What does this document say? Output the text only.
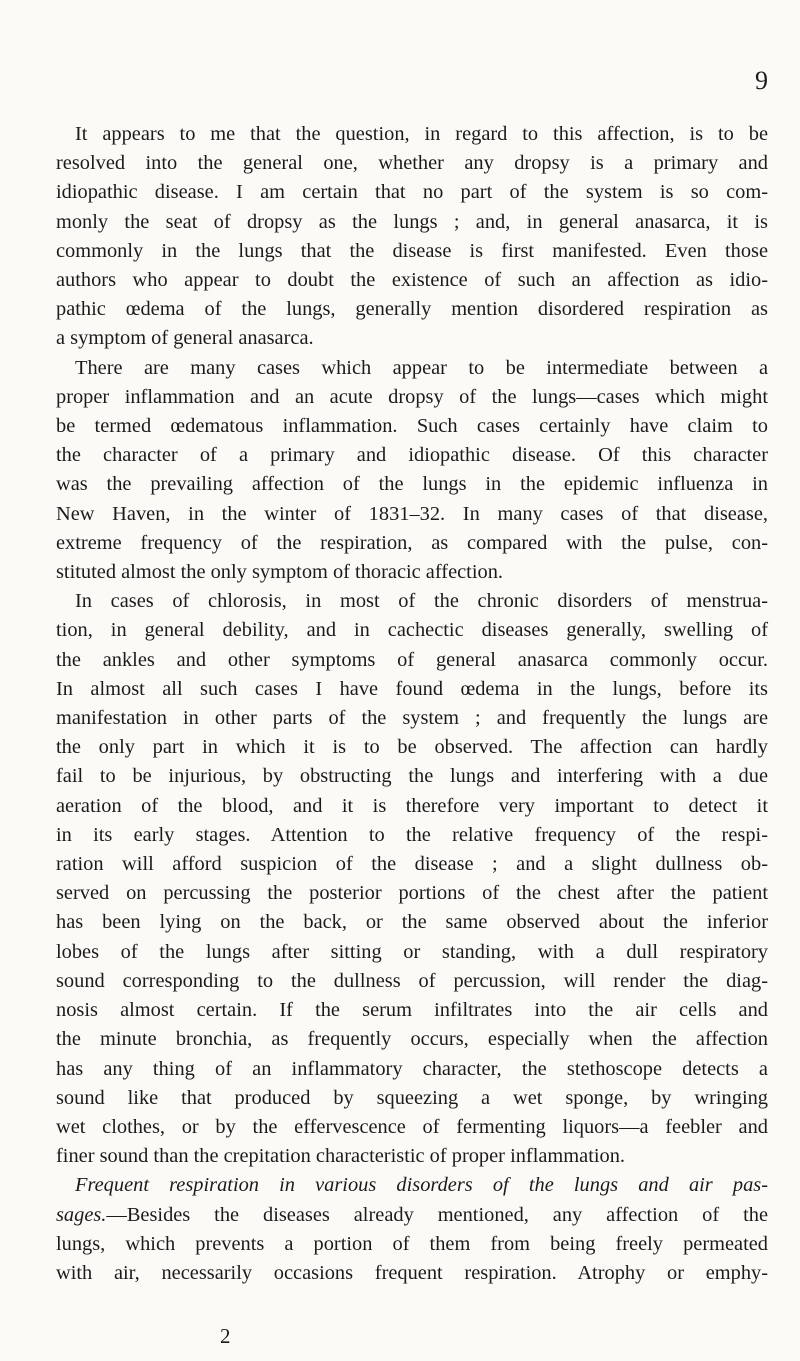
9
It appears to me that the question, in regard to this affection, is to be
resolved into the general one, whether any dropsy is a primary and
idiopathic disease. I am certain that no part of the system is so com-
monly the seat of dropsy as the lungs ; and, in general anasarca, it is
commonly in the lungs that the disease is first manifested. Even those
authors who appear to doubt the existence of such an affection as idio-
pathic œdema of the lungs, generally mention disordered respiration as
a symptom of general anasarca.
There are many cases which appear to be intermediate between a
proper inflammation and an acute dropsy of the lungs—cases which might
be termed œdematous inflammation. Such cases certainly have claim to
the character of a primary and idiopathic disease. Of this character
was the prevailing affection of the lungs in the epidemic influenza in
New Haven, in the winter of 1831–32. In many cases of that disease,
extreme frequency of the respiration, as compared with the pulse, con-
stituted almost the only symptom of thoracic affection.
In cases of chlorosis, in most of the chronic disorders of menstrua-
tion, in general debility, and in cachectic diseases generally, swelling of
the ankles and other symptoms of general anasarca commonly occur.
In almost all such cases I have found œdema in the lungs, before its
manifestation in other parts of the system ; and frequently the lungs are
the only part in which it is to be observed. The affection can hardly
fail to be injurious, by obstructing the lungs and interfering with a due
aeration of the blood, and it is therefore very important to detect it
in its early stages. Attention to the relative frequency of the respi-
ration will afford suspicion of the disease ; and a slight dullness ob-
served on percussing the posterior portions of the chest after the patient
has been lying on the back, or the same observed about the inferior
lobes of the lungs after sitting or standing, with a dull respiratory
sound corresponding to the dullness of percussion, will render the diag-
nosis almost certain. If the serum infiltrates into the air cells and
the minute bronchia, as frequently occurs, especially when the affection
has any thing of an inflammatory character, the stethoscope detects a
sound like that produced by squeezing a wet sponge, by wringing
wet clothes, or by the effervescence of fermenting liquors—a feebler and
finer sound than the crepitation characteristic of proper inflammation.
Frequent respiration in various disorders of the lungs and air pas-
sages.—Besides the diseases already mentioned, any affection of the
lungs, which prevents a portion of them from being freely permeated
with air, necessarily occasions frequent respiration. Atrophy or emphy-
2
